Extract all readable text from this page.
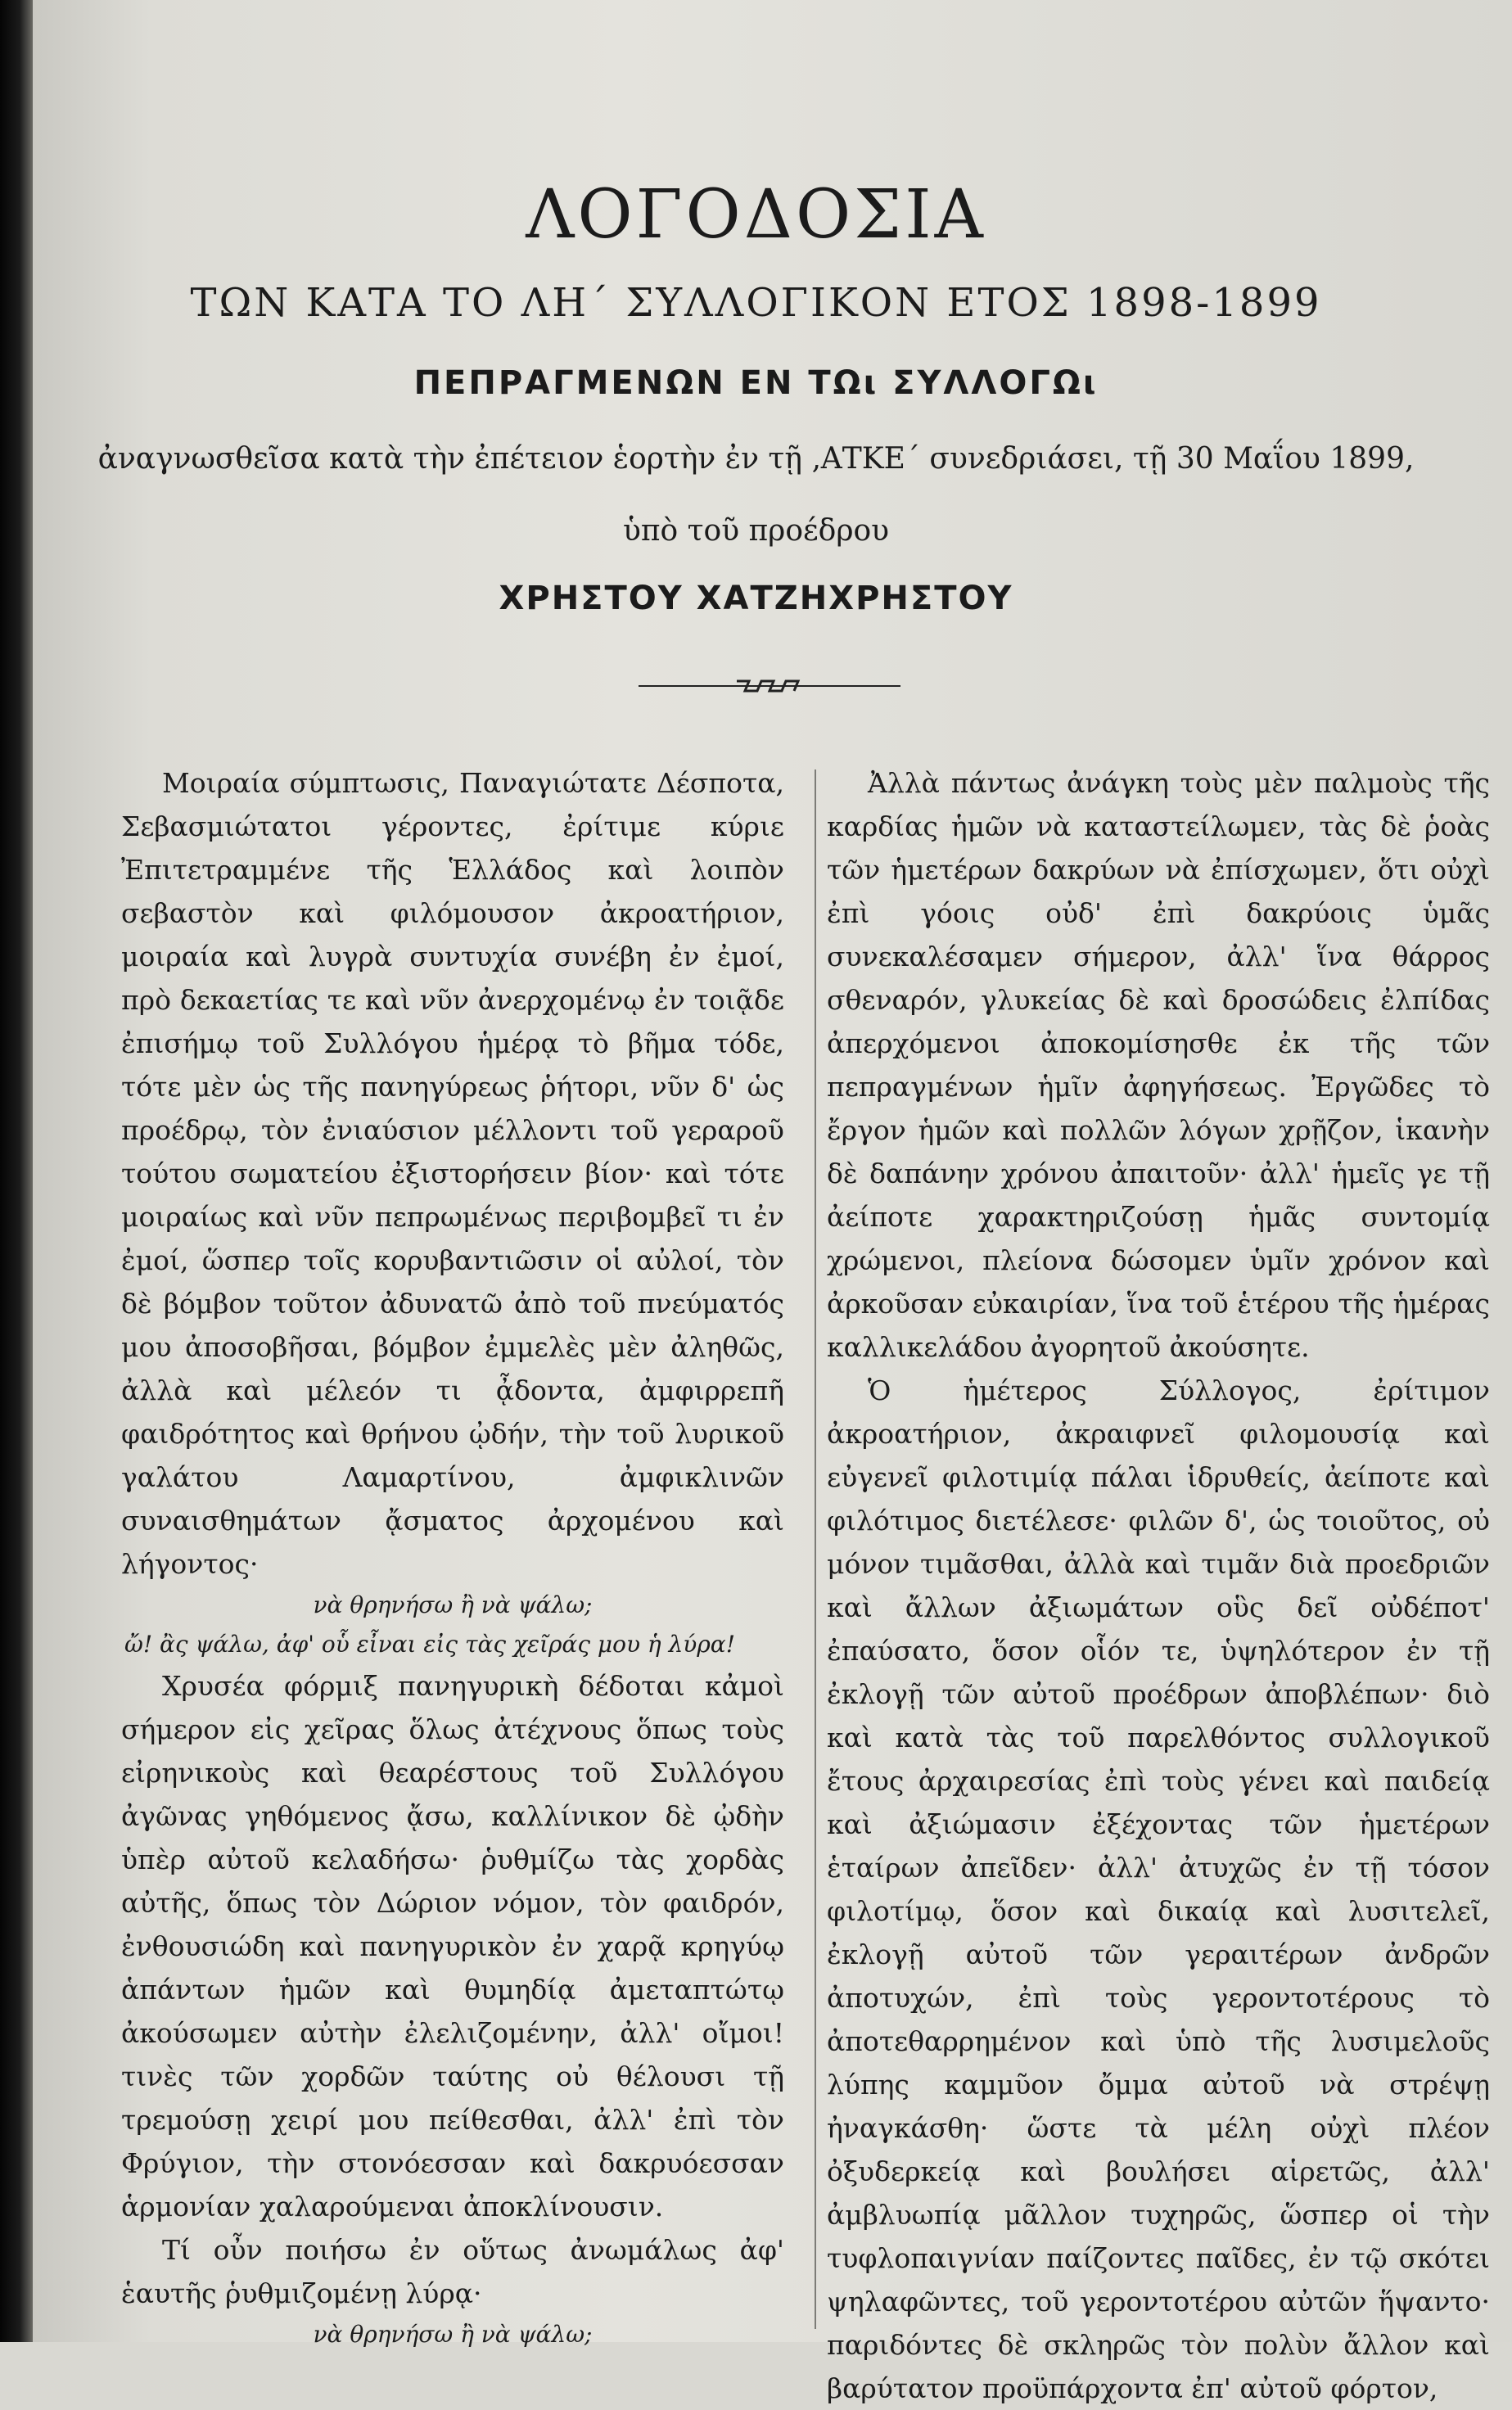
ΛΟΓΟΔΟΣΙΑ
ΤΩΝ ΚΑΤΑ ΤΟ ΛΗ΄ ΣΥΛΛΟΓΙΚΟΝ ΕΤΟΣ 1898-1899
ΠΕΠΡΑΓΜΕΝΩΝ ΕΝ ΤΩι ΣΥΛΛΟΓΩι
ἀναγνωσθεῖσα κατὰ τὴν ἐπέτειον ἑορτὴν ἐν τῇ ‚ΑΤΚΕ΄ συνεδριάσει, τῇ 30 Μαΐου 1899,
ὑπὸ τοῦ προέδρου
ΧΡΗΣΤΟΥ ΧΑΤΖΗΧΡΗΣΤΟΥ

Μοιραία σύμπτωσις, Παναγιώτατε Δέσποτα, Σεβασμιώτατοι γέροντες, ἐρίτιμε κύριε Ἐπιτετραμμένε τῆς Ἑλλάδος καὶ λοιπὸν σεβαστὸν καὶ φιλόμουσον ἀκροατήριον, μοιραία καὶ λυγρὰ συντυχία συνέβη ἐν ἐμοί, πρὸ δεκαετίας τε καὶ νῦν ἀνερχομένῳ ἐν τοιᾷδε ἐπισήμῳ τοῦ Συλλόγου ἡμέρᾳ τὸ βῆμα τόδε, τότε μὲν ὡς τῆς πανηγύρεως ῥήτορι, νῦν δ' ὡς προέδρῳ, τὸν ἐνιαύσιον μέλλοντι τοῦ γεραροῦ τούτου σωματείου ἐξιστορήσειν βίον· καὶ τότε μοιραίως καὶ νῦν πεπρωμένως περιβομβεῖ τι ἐν ἐμοί, ὥσπερ τοῖς κορυβαντιῶσιν οἱ αὐλοί, τὸν δὲ βόμβον τοῦτον ἀδυνατῶ ἀπὸ τοῦ πνεύματός μου ἀποσοβῆσαι, βόμβον ἐμμελὲς μὲν ἀληθῶς, ἀλλὰ καὶ μέλεόν τι ᾆδοντα, ἀμφιρρεπῆ φαιδρότητος καὶ θρήνου ᾠδήν, τὴν τοῦ λυρικοῦ γαλάτου Λαμαρτίνου, ἀμφικλινῶν συναισθημάτων ᾄσματος ἀρχομένου καὶ λήγοντος·

νὰ θρηνήσω ἢ νὰ ψάλω;
ὤ! ἂς ψάλω, ἀφ' οὗ εἶναι εἰς τὰς χεῖράς μου ἡ λύρα!

Χρυσέα φόρμιξ πανηγυρικὴ δέδοται κἀμοὶ σήμερον εἰς χεῖρας ὅλως ἀτέχνους ὅπως τοὺς εἰρηνικοὺς καὶ θεαρέστους τοῦ Συλλόγου ἀγῶνας γηθόμενος ᾄσω, καλλίνικον δὲ ᾠδὴν ὑπὲρ αὐτοῦ κελαδήσω· ῥυθμίζω τὰς χορδὰς αὐτῆς, ὅπως τὸν Δώριον νόμον, τὸν φαιδρόν, ἐνθουσιώδη καὶ πανηγυρικὸν ἐν χαρᾷ κρηγύῳ ἁπάντων ἡμῶν καὶ θυμηδίᾳ ἀμεταπτώτῳ ἀκούσωμεν αὐτὴν ἐλελιζομένην, ἀλλ' οἴμοι! τινὲς τῶν χορδῶν ταύτης οὐ θέλουσι τῇ τρεμούσῃ χειρί μου πείθεσθαι, ἀλλ' ἐπὶ τὸν Φρύγιον, τὴν στονόεσσαν καὶ δακρυόεσσαν ἁρμονίαν χαλαρούμεναι ἀποκλίνουσιν.

Τί οὖν ποιήσω ἐν οὕτως ἀνωμάλως ἀφ' ἑαυτῆς ῥυθμιζομένῃ λύρᾳ·

νὰ θρηνήσω ἢ νὰ ψάλω;

Ἀλλὰ πάντως ἀνάγκη τοὺς μὲν παλμοὺς τῆς καρδίας ἡμῶν νὰ καταστείλωμεν, τὰς δὲ ῥοὰς τῶν ἡμετέρων δακρύων νὰ ἐπίσχωμεν, ὅτι οὐχὶ ἐπὶ γόοις οὐδ' ἐπὶ δακρύοις ὑμᾶς συνεκαλέσαμεν σήμερον, ἀλλ' ἵνα θάρρος σθεναρόν, γλυκείας δὲ καὶ δροσώδεις ἐλπίδας ἀπερχόμενοι ἀποκομίσησθε ἐκ τῆς τῶν πεπραγμένων ἡμῖν ἀφηγήσεως. Ἐργῶδες τὸ ἔργον ἡμῶν καὶ πολλῶν λόγων χρῇζον, ἱκανὴν δὲ δαπάνην χρόνου ἀπαιτοῦν· ἀλλ' ἡμεῖς γε τῇ ἀείποτε χαρακτηριζούσῃ ἡμᾶς συντομίᾳ χρώμενοι, πλείονα δώσομεν ὑμῖν χρόνον καὶ ἀρκοῦσαν εὐκαιρίαν, ἵνα τοῦ ἑτέρου τῆς ἡμέρας καλλικελάδου ἀγορητοῦ ἀκούσητε.

Ὁ ἡμέτερος Σύλλογος, ἐρίτιμον ἀκροατήριον, ἀκραιφνεῖ φιλομουσίᾳ καὶ εὐγενεῖ φιλοτιμίᾳ πάλαι ἱδρυθείς, ἀείποτε καὶ φιλότιμος διετέλεσε· φιλῶν δ', ὡς τοιοῦτος, οὐ μόνον τιμᾶσθαι, ἀλλὰ καὶ τιμᾶν διὰ προεδριῶν καὶ ἄλλων ἀξιωμάτων οὓς δεῖ οὐδέποτ' ἐπαύσατο, ὅσον οἷόν τε, ὑψηλότερον ἐν τῇ ἐκλογῇ τῶν αὐτοῦ προέδρων ἀποβλέπων· διὸ καὶ κατὰ τὰς τοῦ παρελθόντος συλλογικοῦ ἔτους ἀρχαιρεσίας ἐπὶ τοὺς γένει καὶ παιδείᾳ καὶ ἀξιώμασιν ἐξέχοντας τῶν ἡμετέρων ἑταίρων ἀπεῖδεν· ἀλλ' ἀτυχῶς ἐν τῇ τόσον φιλοτίμῳ, ὅσον καὶ δικαίᾳ καὶ λυσιτελεῖ, ἐκλογῇ αὐτοῦ τῶν γεραιτέρων ἀνδρῶν ἀποτυχών, ἐπὶ τοὺς γεροντοτέρους τὸ ἀποτεθαρρημένον καὶ ὑπὸ τῆς λυσιμελοῦς λύπης καμμῦον ὄμμα αὐτοῦ νὰ στρέψῃ ἠναγκάσθη· ὥστε τὰ μέλη οὐχὶ πλέον ὀξυδερκείᾳ καὶ βουλήσει αἱρετῶς, ἀλλ' ἀμβλυωπίᾳ μᾶλλον τυχηρῶς, ὥσπερ οἱ τὴν τυφλοπαιγνίαν παίζοντες παῖδες, ἐν τῷ σκότει ψηλαφῶντες, τοῦ γεροντοτέρου αὐτῶν ἥψαντο· παριδόντες δὲ σκληρῶς τὸν πολὺν ἄλλον καὶ βαρύτατον προϋπάρχοντα ἐπ' αὐτοῦ φόρτον,
